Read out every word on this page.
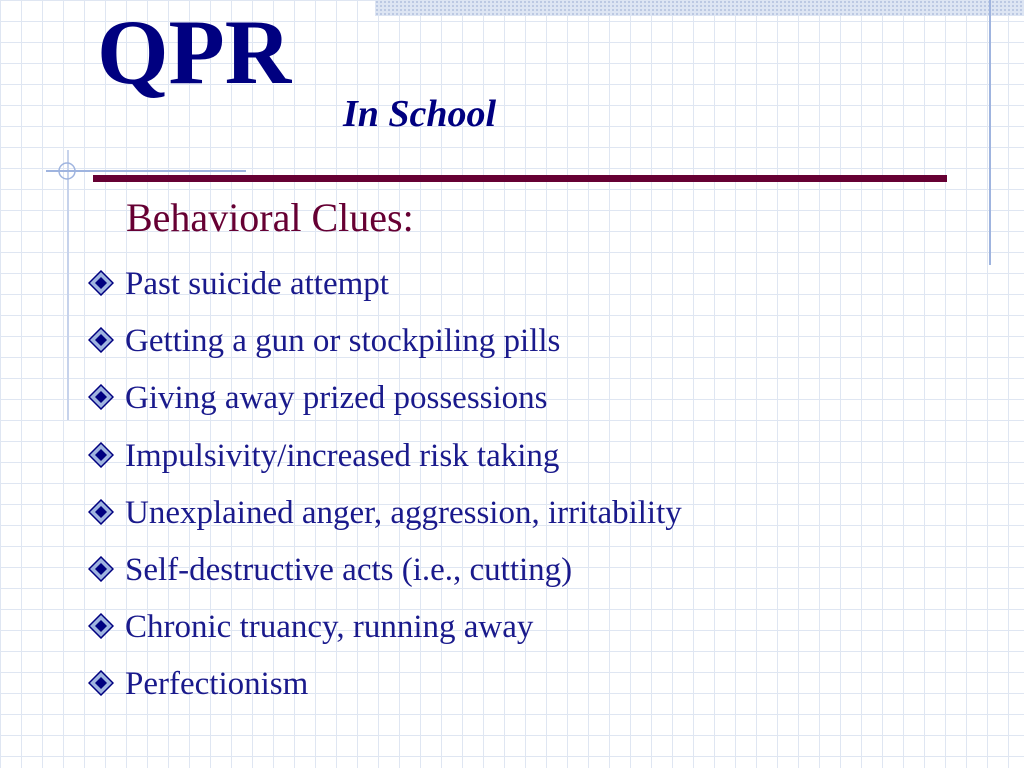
QPR
In School
Behavioral Clues:
Past suicide attempt
Getting a gun or stockpiling pills
Giving away prized possessions
Impulsivity/increased risk taking
Unexplained anger, aggression, irritability
Self-destructive acts (i.e., cutting)
Chronic truancy, running away
Perfectionism
